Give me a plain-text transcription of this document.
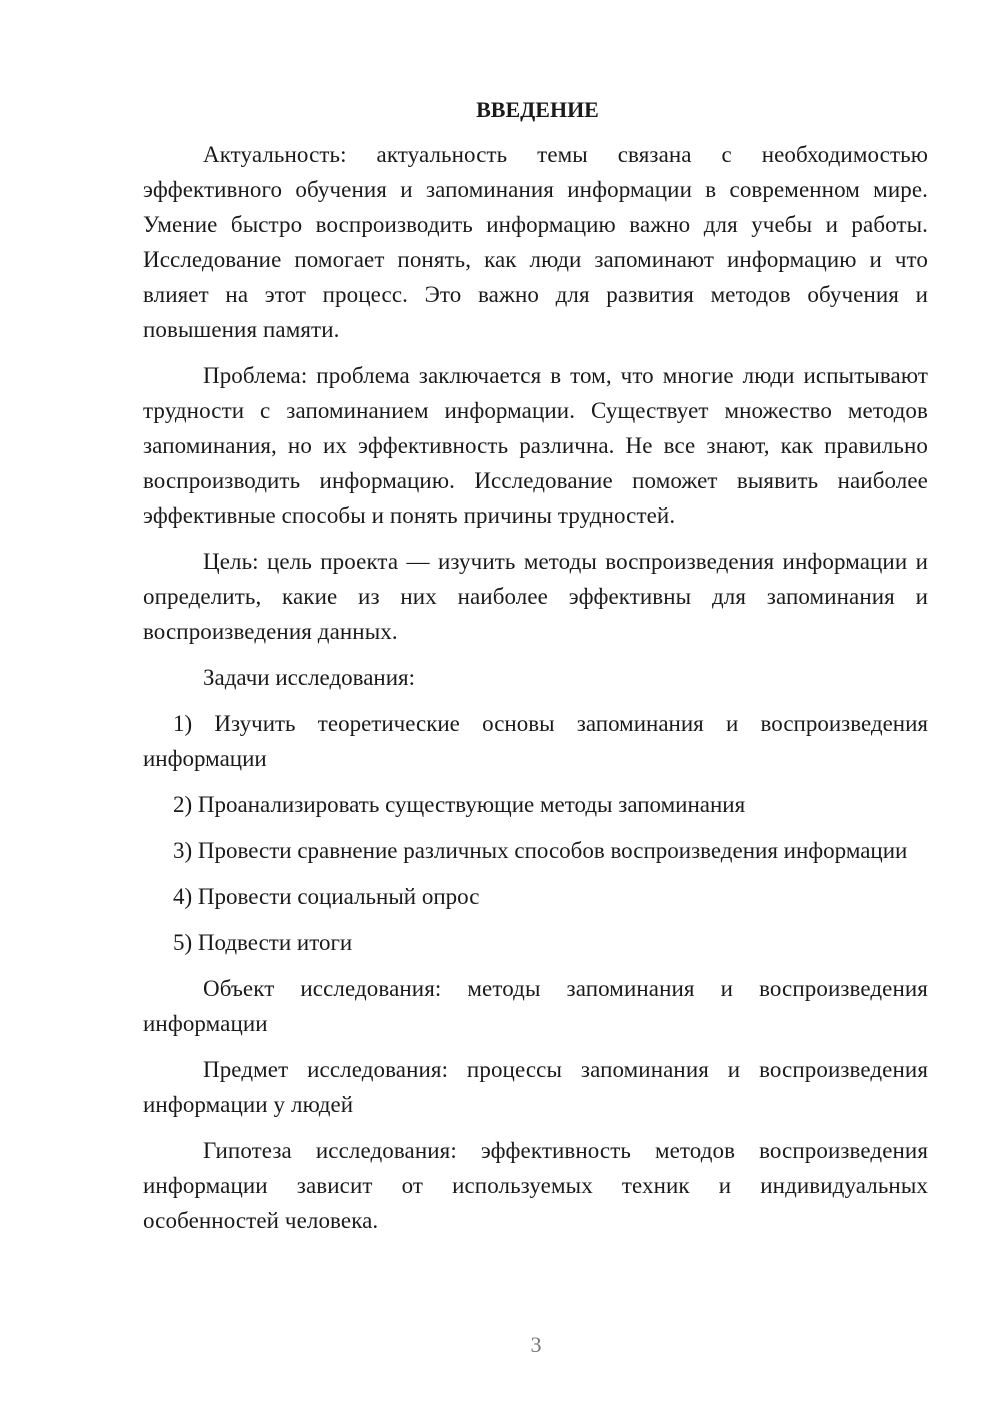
ВВЕДЕНИЕ
Актуальность: актуальность темы связана с необходимостью эффективного обучения и запоминания информации в современном мире. Умение быстро воспроизводить информацию важно для учебы и работы. Исследование помогает понять, как люди запоминают информацию и что влияет на этот процесс. Это важно для развития методов обучения и повышения памяти.
Проблема: проблема заключается в том, что многие люди испытывают трудности с запоминанием информации. Существует множество методов запоминания, но их эффективность различна. Не все знают, как правильно воспроизводить информацию. Исследование поможет выявить наиболее эффективные способы и понять причины трудностей.
Цель: цель проекта — изучить методы воспроизведения информации и определить, какие из них наиболее эффективны для запоминания и воспроизведения данных.
Задачи исследования:
1) Изучить теоретические основы запоминания и воспроизведения информации
2) Проанализировать существующие методы запоминания
3) Провести сравнение различных способов воспроизведения информации
4) Провести социальный опрос
5) Подвести итоги
Объект исследования: методы запоминания и воспроизведения информации
Предмет исследования: процессы запоминания и воспроизведения информации у людей
Гипотеза исследования: эффективность методов воспроизведения информации зависит от используемых техник и индивидуальных особенностей человека.
3
